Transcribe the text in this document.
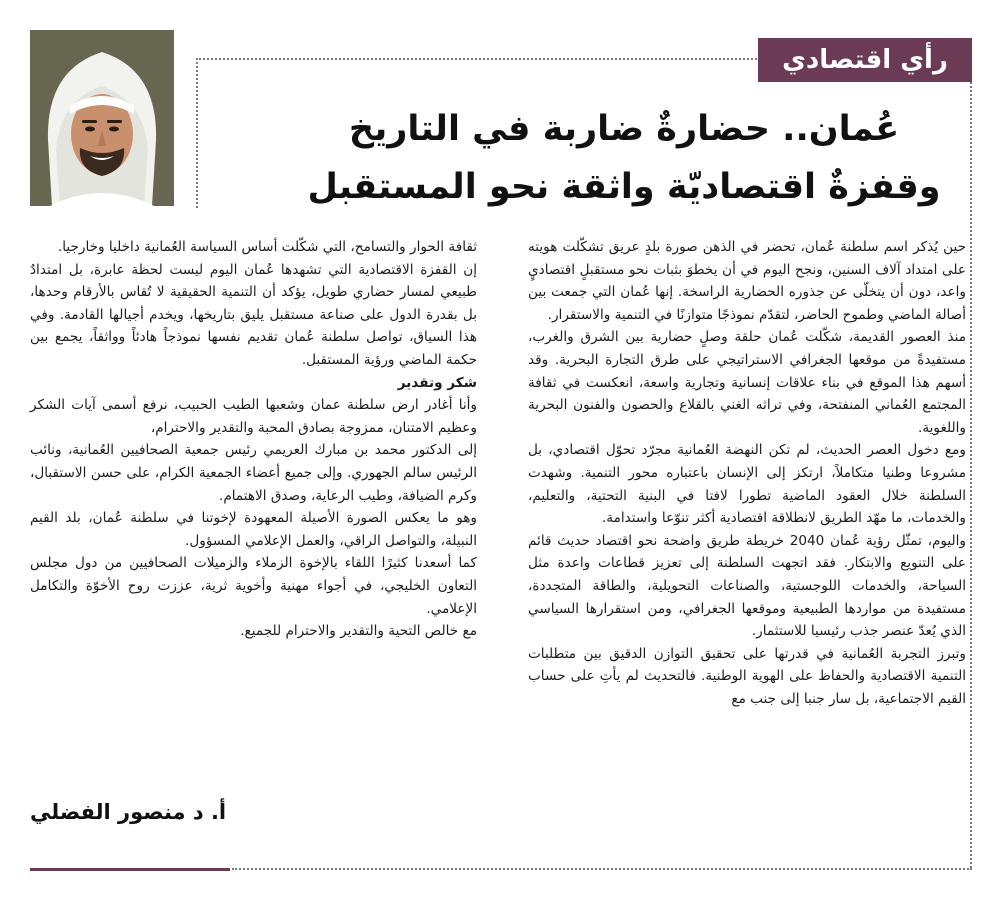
رأي اقتصادي
عُمان.. حضارةٌ ضاربة في التاريخ
وقفزةٌ اقتصاديّة واثقة نحو المستقبل

حين يُذكر اسم سلطنة عُمان، تحضر في الذهن صورة بلدٍ عريق تشكّلت هويته على امتداد آلاف السنين، ونجح اليوم في أن يخطوَ بثبات نحو مستقبلٍ اقتصاديٍ واعد، دون أن يتخلّى عن جذوره الحضارية الراسخة. إنها عُمان التي جمعت بين أصالة الماضي وطموح الحاضر، لتقدّم نموذجًا متوازنًا في التنمية والاستقرار.

منذ العصور القديمة، شكّلت عُمان حلقة وصلٍ حضارية بين الشرق والغرب، مستفيدةً من موقعها الجغرافي الاستراتيجي على طرق التجارة البحرية. وقد أسهم هذا الموقع في بناء علاقات إنسانية وتجارية واسعة، انعكست في ثقافة المجتمع العُماني المنفتحة، وفي تراثه الغني بالقلاع والحصون والفنون البحرية واللغوية.

ومع دخول العصر الحديث، لم تكن النهضة العُمانية مجرّد تحوّل اقتصادي، بل مشروعا وطنيا متكاملاً، ارتكز إلى الإنسان باعتباره محور التنمية. وشهدت السلطنة خلال العقود الماضية تطورا لافتا في البنية التحتية، والتعليم، والخدمات، ما مهّد الطريق لانطلاقة اقتصادية أكثر تنوّعا واستدامة.

واليوم، تمثّل رؤية عُمان 2040 خريطة طريق واضحة نحو اقتصاد حديث قائم على التنويع والابتكار. فقد اتجهت السلطنة إلى تعزيز قطاعات واعدة مثل السياحة، والخدمات اللوجستية، والصناعات التحويلية، والطاقة المتجددة، مستفيدة من مواردها الطبيعية وموقعها الجغرافي، ومن استقرارها السياسي الذي يُعدّ عنصر جذب رئيسيا للاستثمار.

وتبرز التجربة العُمانية في قدرتها على تحقيق التوازن الدقيق بين متطلبات التنمية الاقتصادية والحفاظ على الهوية الوطنية. فالتحديث لم يأتِ على حساب القيم الاجتماعية، بل سار جنبا إلى جنب مع

ثقافة الحوار والتسامح، التي شكّلت أساس السياسة العُمانية داخليا وخارجيا.

إن القفزة الاقتصادية التي تشهدها عُمان اليوم ليست لحظة عابرة، بل امتدادٌ طبيعي لمسار حضاري طويل، يؤكد أن التنمية الحقيقية لا تُقاس بالأرقام وحدها، بل بقدرة الدول على صناعة مستقبل يليق بتاريخها، ويخدم أجيالها القادمة. وفي هذا السياق، تواصل سلطنة عُمان تقديم نفسها نموذجاً هادئاً وواثقاً، يجمع بين حكمة الماضي ورؤية المستقبل.

شكر وتقدير

وأنا أغادر ارض سلطنة عمان وشعبها الطيب الحبيب، نرفع أسمى آيات الشكر وعظيم الامتنان، ممزوجة بصادق المحبة والتقدير والاحترام،

إلى الدكتور محمد بن مبارك العريمي رئيس جمعية الصحافيين العُمانية، ونائب الرئيس سالم الجهوري. وإلى جميع أعضاء الجمعية الكرام، على حسن الاستقبال، وكرم الضيافة، وطيب الرعاية، وصدق الاهتمام.

وهو ما يعكس الصورة الأصيلة المعهودة لإخوتنا في سلطنة عُمان، بلد القيم النبيلة، والتواصل الراقي، والعمل الإعلامي المسؤول.

كما أسعدنا كثيرًا اللقاء بالإخوة الزملاء والزميلات الصحافيين من دول مجلس التعاون الخليجي، في أجواء مهنية وأخوية ثرية، عززت روح الأخوّة والتكامل الإعلامي.

مع خالص التحية والتقدير والاحترام للجميع.

أ. د منصور الفضلي
